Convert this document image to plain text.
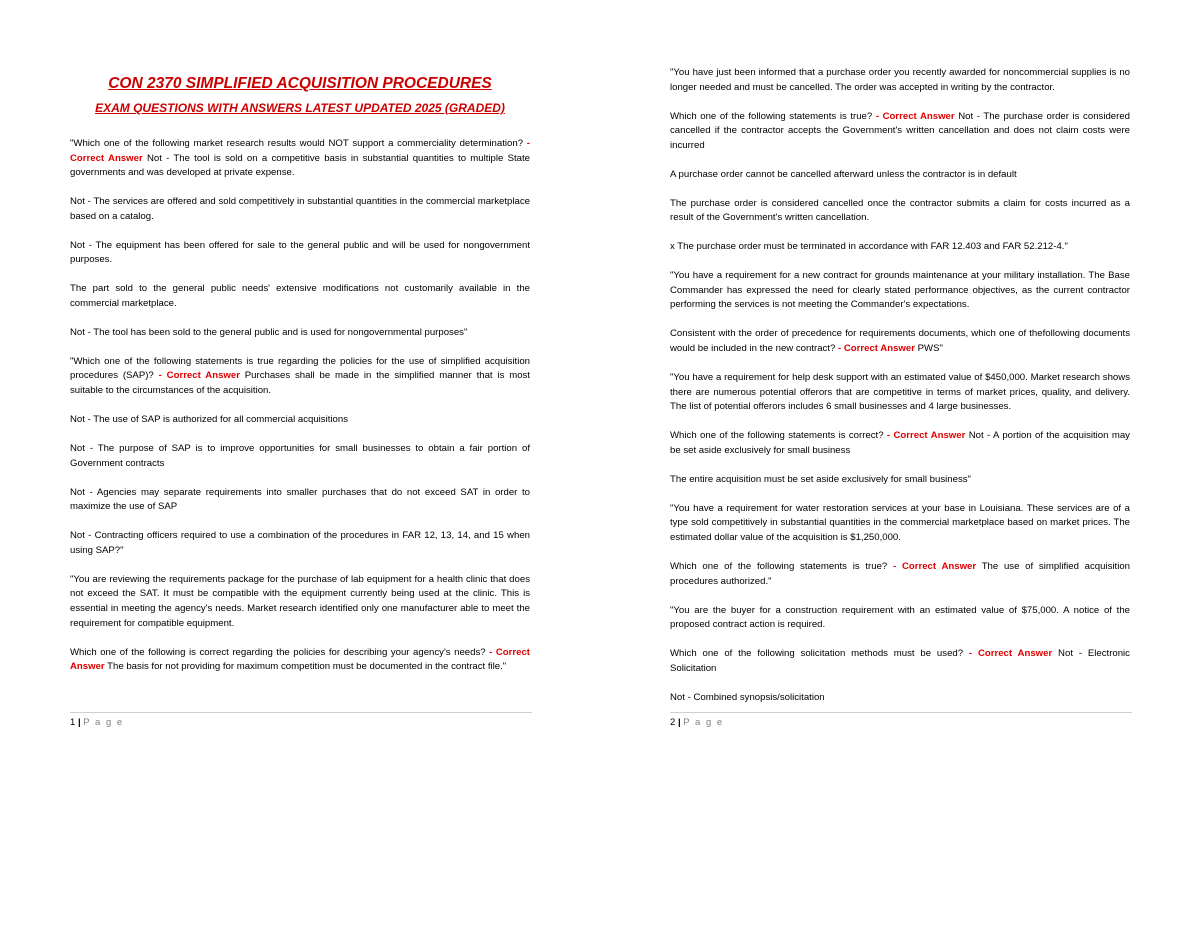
CON 2370 SIMPLIFIED ACQUISITION PROCEDURES
EXAM QUESTIONS WITH ANSWERS LATEST UPDATED 2025 (GRADED)

"Which one of the following market research results would NOT support a commerciality determination? - Correct Answer Not - The tool is sold on a competitive basis in substantial quantities to multiple State governments and was developed at private expense.

Not - The services are offered and sold competitively in substantial quantities in the commercial marketplace based on a catalog.

Not - The equipment has been offered for sale to the general public and will be used for nongovernment purposes.

The part sold to the general public needs' extensive modifications not customarily available in the commercial marketplace.

Not - The tool has been sold to the general public and is used for nongovernmental purposes"

"Which one of the following statements is true regarding the policies for the use of simplified acquisition procedures (SAP)? - Correct Answer Purchases shall be made in the simplified manner that is most suitable to the circumstances of the acquisition.

Not - The use of SAP is authorized for all commercial acquisitions

Not - The purpose of SAP is to improve opportunities for small businesses to obtain a fair portion of Government contracts

Not - Agencies may separate requirements into smaller purchases that do not exceed SAT in order to maximize the use of SAP

Not - Contracting officers required to use a combination of the procedures in FAR 12, 13, 14, and 15 when using SAP?"

"You are reviewing the requirements package for the purchase of lab equipment for a health clinic that does not exceed the SAT. It must be compatible with the equipment currently being used at the clinic. This is essential in meeting the agency's needs. Market research identified only one manufacturer able to meet the requirement for compatible equipment.

Which one of the following is correct regarding the policies for describing your agency's needs? - Correct Answer The basis for not providing for maximum competition must be documented in the contract file."

1 | P a g e

"You have just been informed that a purchase order you recently awarded for noncommercial supplies is no longer needed and must be cancelled. The order was accepted in writing by the contractor.

Which one of the following statements is true? - Correct Answer Not - The purchase order is considered cancelled if the contractor accepts the Government's written cancellation and does not claim costs were incurred

A purchase order cannot be cancelled afterward unless the contractor is in default

The purchase order is considered cancelled once the contractor submits a claim for costs incurred as a result of the Government's written cancellation.

x The purchase order must be terminated in accordance with FAR 12.403 and FAR 52.212-4."

"You have a requirement for a new contract for grounds maintenance at your military installation. The Base Commander has expressed the need for clearly stated performance objectives, as the current contractor performing the services is not meeting the Commander's expectations.

Consistent with the order of precedence for requirements documents, which one of thefollowing documents would be included in the new contract? - Correct Answer PWS"

"You have a requirement for help desk support with an estimated value of $450,000. Market research shows there are numerous potential offerors that are competitive in terms of market prices, quality, and delivery. The list of potential offerors includes 6 small businesses and 4 large businesses.

Which one of the following statements is correct? - Correct Answer Not - A portion of the acquisition may be set aside exclusively for small business

The entire acquisition must be set aside exclusively for small business"

"You have a requirement for water restoration services at your base in Louisiana. These services are of a type sold competitively in substantial quantities in the commercial marketplace based on market prices. The estimated dollar value of the acquisition is $1,250,000.

Which one of the following statements is true? - Correct Answer The use of simplified acquisition procedures authorized."

"You are the buyer for a construction requirement with an estimated value of $75,000. A notice of the proposed contract action is required.

Which one of the following solicitation methods must be used? - Correct Answer Not - Electronic Solicitation

Not - Combined synopsis/solicitation

2 | P a g e
